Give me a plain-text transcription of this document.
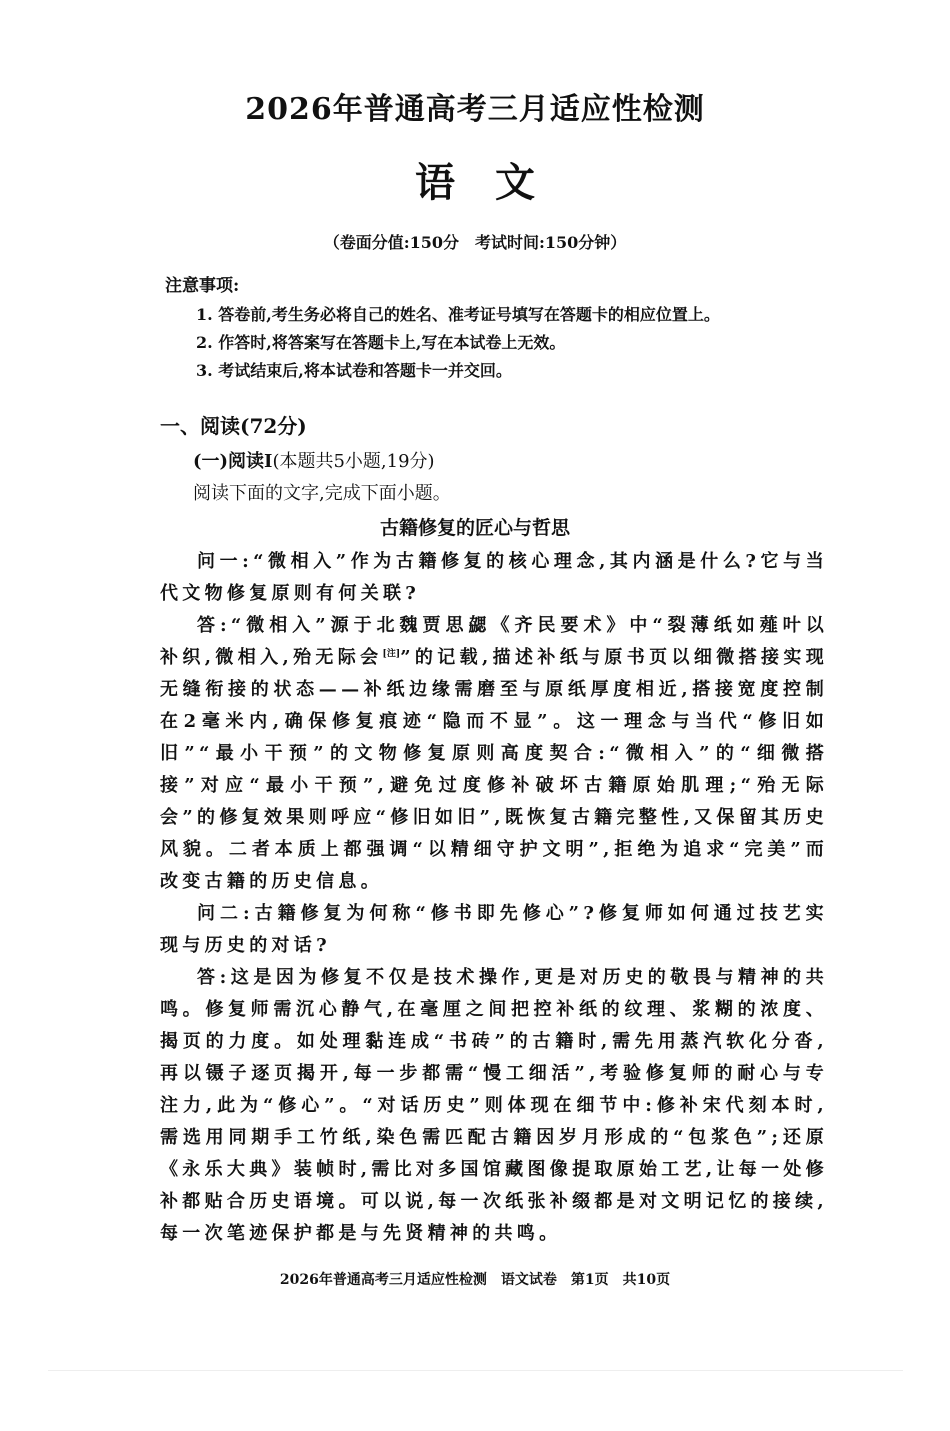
2026年普通高考三月适应性检测
语文
（卷面分值:150分　考试时间:150分钟）
注意事项:
1. 答卷前,考生务必将自己的姓名、准考证号填写在答题卡的相应位置上。
2. 作答时,将答案写在答题卡上,写在本试卷上无效。
3. 考试结束后,将本试卷和答题卡一并交回。
一、阅读(72分)
(一)阅读Ⅰ(本题共5小题,19分)
阅读下面的文字,完成下面小题。
古籍修复的匠心与哲思
问一:“微相入”作为古籍修复的核心理念,其内涵是什么?它与当代文物修复原则有何关联?
答:“微相入”源于北魏贾思勰《齐民要术》中“裂薄纸如薤叶以补织,微相入,殆无际会[注]”的记载,描述补纸与原书页以细微搭接实现无缝衔接的状态——补纸边缘需磨至与原纸厚度相近,搭接宽度控制在2毫米内,确保修复痕迹“隐而不显”。这一理念与当代“修旧如旧”“最小干预”的文物修复原则高度契合:“微相入”的“细微搭接”对应“最小干预”,避免过度修补破坏古籍原始肌理;“殆无际会”的修复效果则呼应“修旧如旧”,既恢复古籍完整性,又保留其历史风貌。二者本质上都强调“以精细守护文明”,拒绝为追求“完美”而改变古籍的历史信息。
问二:古籍修复为何称“修书即先修心”?修复师如何通过技艺实现与历史的对话?
答:这是因为修复不仅是技术操作,更是对历史的敬畏与精神的共鸣。修复师需沉心静气,在毫厘之间把控补纸的纹理、浆糊的浓度、揭页的力度。如处理黏连成“书砖”的古籍时,需先用蒸汽软化分沓,再以镊子逐页揭开,每一步都需“慢工细活”,考验修复师的耐心与专注力,此为“修心”。“对话历史”则体现在细节中:修补宋代刻本时,需选用同期手工竹纸,染色需匹配古籍因岁月形成的“包浆色”;还原《永乐大典》装帧时,需比对多国馆藏图像提取原始工艺,让每一处修补都贴合历史语境。可以说,每一次纸张补缀都是对文明记忆的接续,每一次笔迹保护都是与先贤精神的共鸣。
2026年普通高考三月适应性检测　语文试卷　第1页　共10页
